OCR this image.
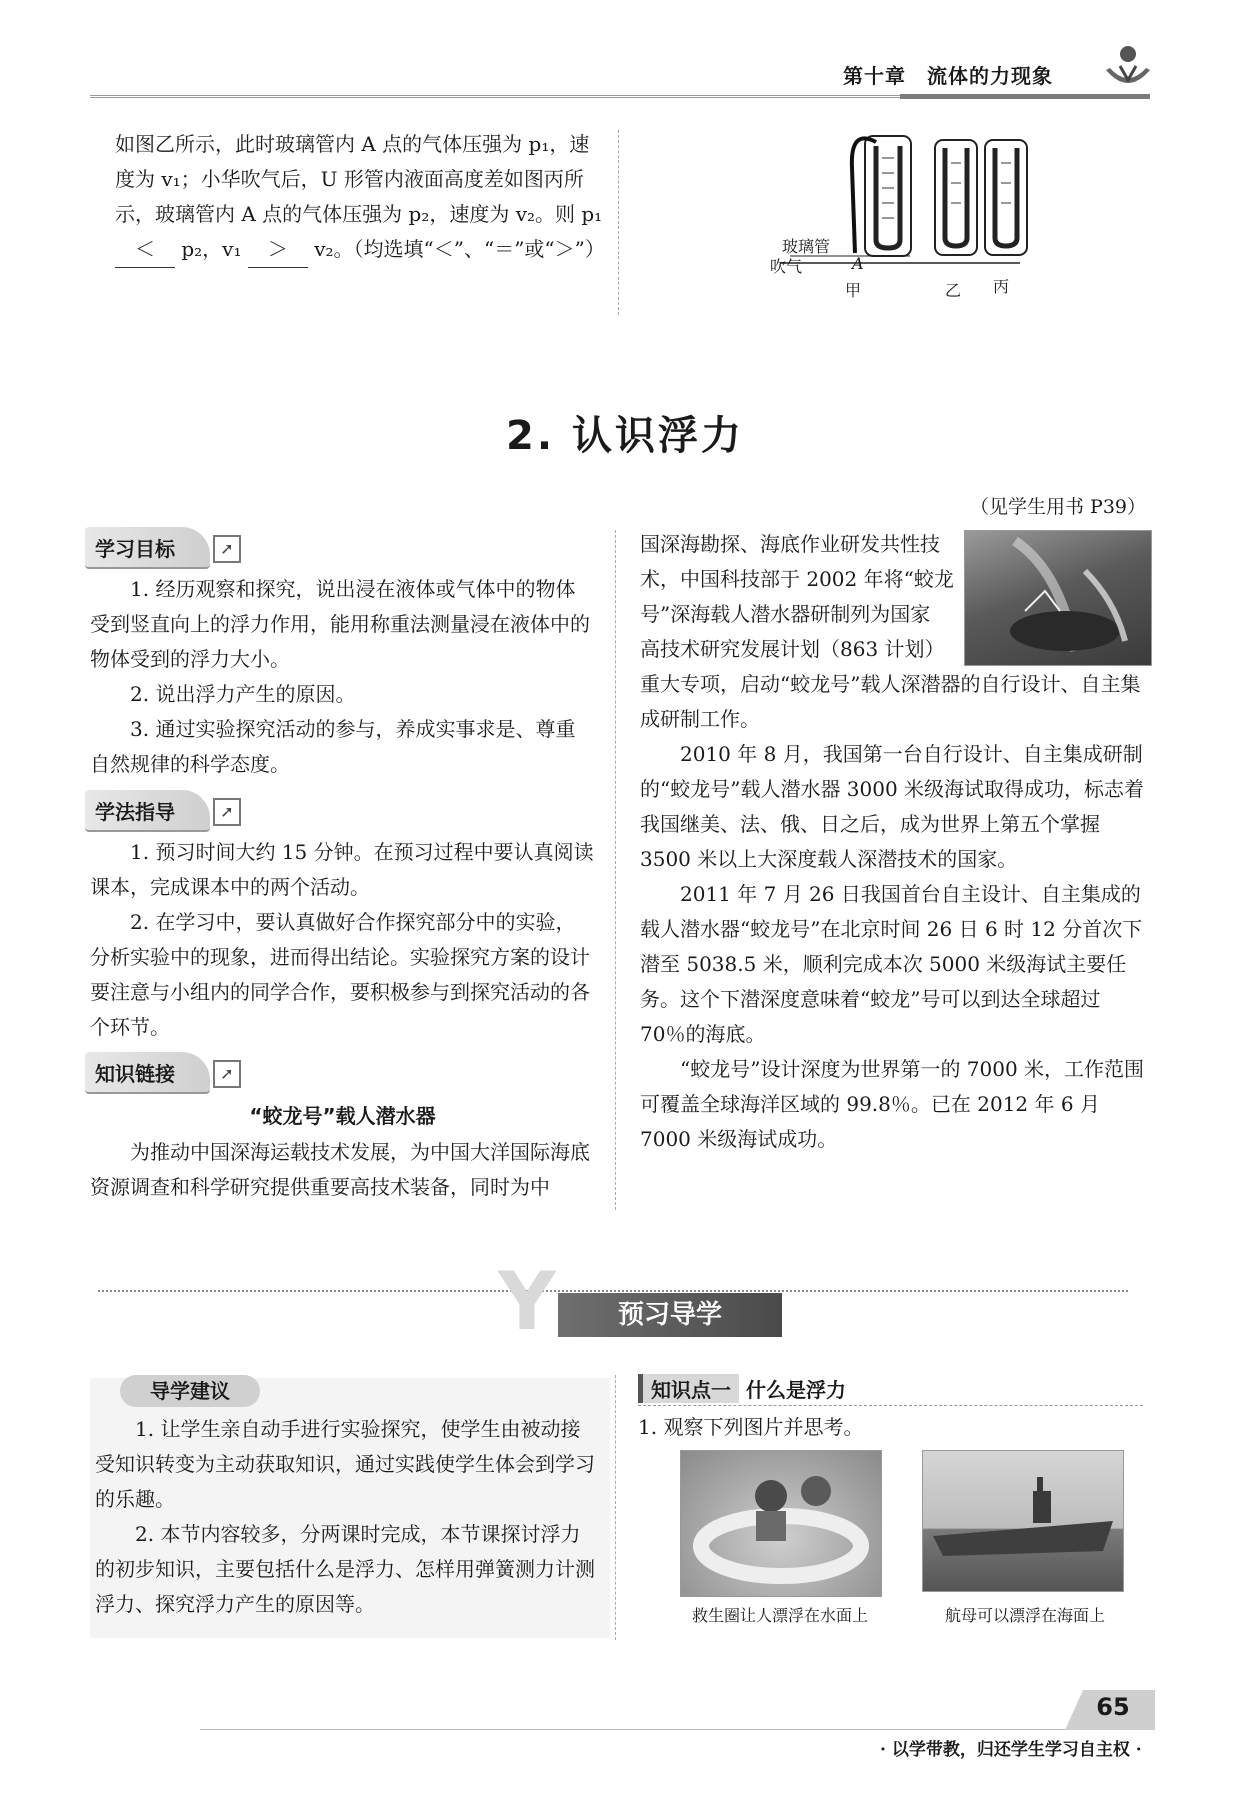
第十章　流体的力现象

如图乙所示，此时玻璃管内 A 点的气体压强为 p₁，速

度为 v₁；小华吹气后，U 形管内液面高度差如图丙所

示，玻璃管内 A 点的气体压强为 p₂，速度为 v₂。则 p₁

＜ p₂，v₁ ＞ v₂。（均选填“＜”、“＝”或“＞”）	玻璃管
吹气	A
甲	乙 丙
2. 认识浮力
（见学生用书 P39）
学习目标	➚

1. 经历观察和探究，说出浸在液体或气体中的物体受到竖直向上的浮力作用，能用称重法测量浸在液体中的物体受到的浮力大小。

2. 说出浮力产生的原因。

3. 通过实验探究活动的参与，养成实事求是、尊重自然规律的科学态度。

学法指导	➚

1. 预习时间大约 15 分钟。在预习过程中要认真阅读课本，完成课本中的两个活动。

2. 在学习中，要认真做好合作探究部分中的实验，分析实验中的现象，进而得出结论。实验探究方案的设计要注意与小组内的同学合作，要积极参与到探究活动的各个环节。

知识链接	➚
“蛟龙号”载人潜水器

为推动中国深海运载技术发展，为中国大洋国际海底资源调查和科学研究提供重要高技术装备，同时为中

国深海勘探、海底作业研发共性技

术，中国科技部于 2002 年将“蛟龙

号”深海载人潜水器研制列为国家

高技术研究发展计划（863 计划）

重大专项，启动“蛟龙号”载人深潜器的自行设计、自主集成研制工作。

2010 年 8 月，我国第一台自行设计、自主集成研制的“蛟龙号”载人潜水器 3000 米级海试取得成功，标志着我国继美、法、俄、日之后，成为世界上第五个掌握 3500 米以上大深度载人深潜技术的国家。

2011 年 7 月 26 日我国首台自主设计、自主集成的载人潜水器“蛟龙号”在北京时间 26 日 6 时 12 分首次下潜至 5038.5 米，顺利完成本次 5000 米级海试主要任务。这个下潜深度意味着“蛟龙”号可以到达全球超过 70％的海底。

“蛟龙号”设计深度为世界第一的 7000 米，工作范围可覆盖全球海洋区域的 99.8％。已在 2012 年 6 月 7000 米级海试成功。

Y	预习导学
导学建议

1. 让学生亲自动手进行实验探究，使学生由被动接受知识转变为主动获取知识，通过实践使学生体会到学习的乐趣。

2. 本节内容较多，分两课时完成，本节课探讨浮力的初步知识，主要包括什么是浮力、怎样用弹簧测力计测浮力、探究浮力产生的原因等。

知识点一 什么是浮力
1. 观察下列图片并思考。
救生圈让人漂浮在水面上	航母可以漂浮在海面上
· 以学带教，归还学生学习自主权 ·
65
